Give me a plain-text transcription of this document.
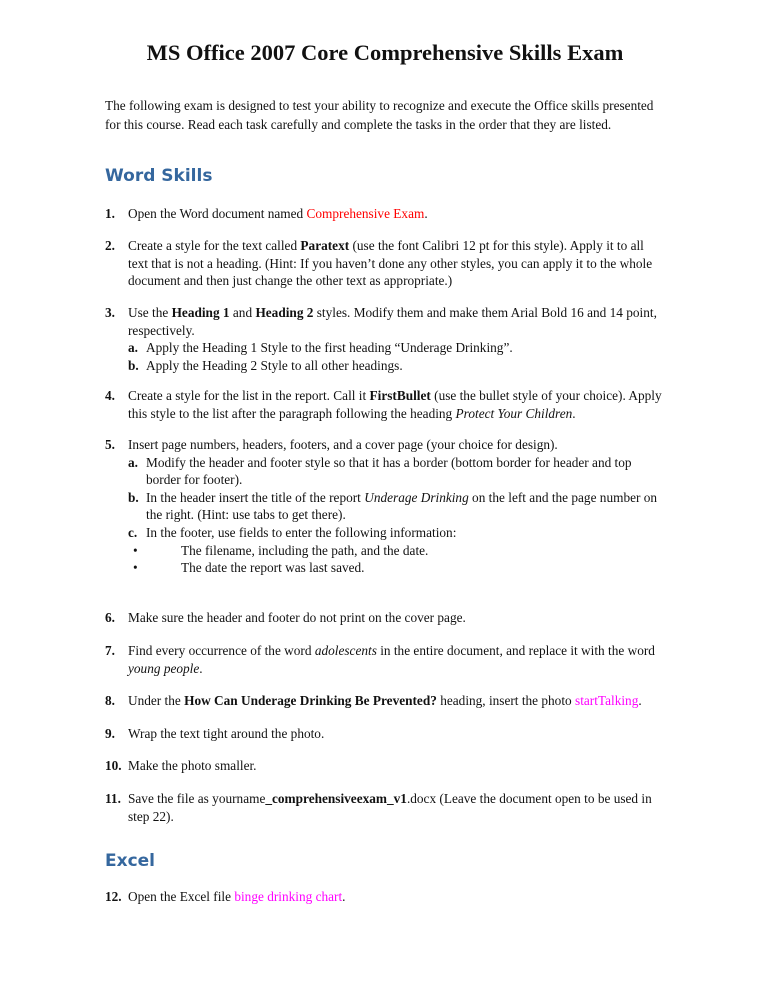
MS Office 2007 Core Comprehensive Skills Exam

The following exam is designed to test your ability to recognize and execute the Office skills presented for this course. Read each task carefully and complete the tasks in the order that they are listed.

Word Skills
1. Open the Word document named Comprehensive Exam.
2. Create a style for the text called Paratext (use the font Calibri 12 pt for this style). Apply it to all text that is not a heading. (Hint: If you haven’t done any other styles, you can apply it to the whole document and then just change the other text as appropriate.)
3. Use the Heading 1 and Heading 2 styles. Modify them and make them Arial Bold 16 and 14 point, respectively.
a. Apply the Heading 1 Style to the first heading “Underage Drinking”.
b. Apply the Heading 2 Style to all other headings.
4. Create a style for the list in the report. Call it FirstBullet (use the bullet style of your choice). Apply this style to the list after the paragraph following the heading Protect Your Children.
5. Insert page numbers, headers, footers, and a cover page (your choice for design).
a. Modify the header and footer style so that it has a border (bottom border for header and top border for footer).
b. In the header insert the title of the report Underage Drinking on the left and the page number on the right. (Hint: use tabs to get there).
c. In the footer, use fields to enter the following information:
•	The filename, including the path, and the date.
•	The date the report was last saved.
6. Make sure the header and footer do not print on the cover page.
7. Find every occurrence of the word adolescents in the entire document, and replace it with the word young people.
8. Under the How Can Underage Drinking Be Prevented? heading, insert the photo startTalking.
9. Wrap the text tight around the photo.
10. Make the photo smaller.
11. Save the file as yourname_comprehensiveexam_v1.docx (Leave the document open to be used in step 22).
Excel
12. Open the Excel file binge drinking chart.
